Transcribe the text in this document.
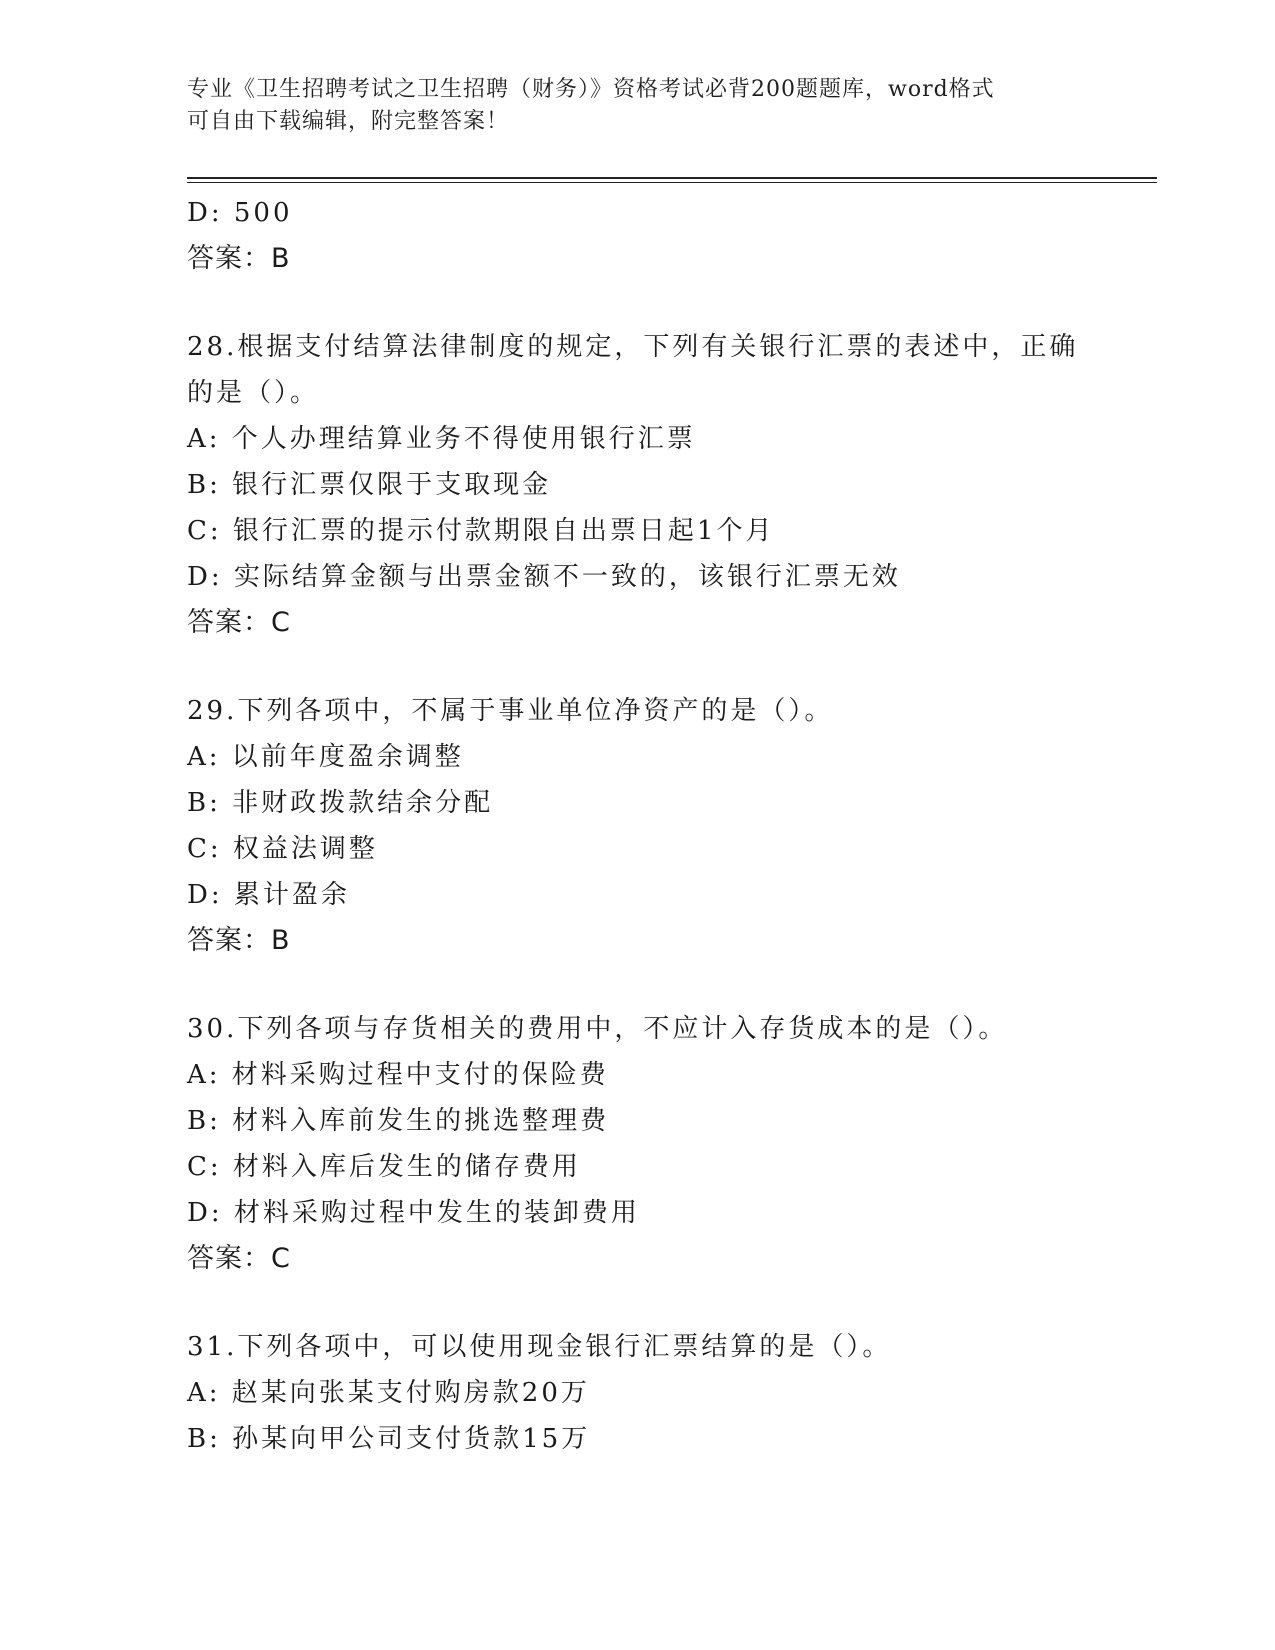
专业《卫生招聘考试之卫生招聘（财务）》资格考试必背200题题库，word格式
可自由下载编辑，附完整答案！
D: 500
答案：B
28.根据支付结算法律制度的规定，下列有关银行汇票的表述中，正确
的是（）。
A: 个人办理结算业务不得使用银行汇票
B: 银行汇票仅限于支取现金
C: 银行汇票的提示付款期限自出票日起1个月
D: 实际结算金额与出票金额不一致的，该银行汇票无效
答案：C
29.下列各项中，不属于事业单位净资产的是（）。
A: 以前年度盈余调整
B: 非财政拨款结余分配
C: 权益法调整
D: 累计盈余
答案：B
30.下列各项与存货相关的费用中，不应计入存货成本的是（）。
A: 材料采购过程中支付的保险费
B: 材料入库前发生的挑选整理费
C: 材料入库后发生的储存费用
D: 材料采购过程中发生的装卸费用
答案：C
31.下列各项中，可以使用现金银行汇票结算的是（）。
A: 赵某向张某支付购房款20万
B: 孙某向甲公司支付货款15万
